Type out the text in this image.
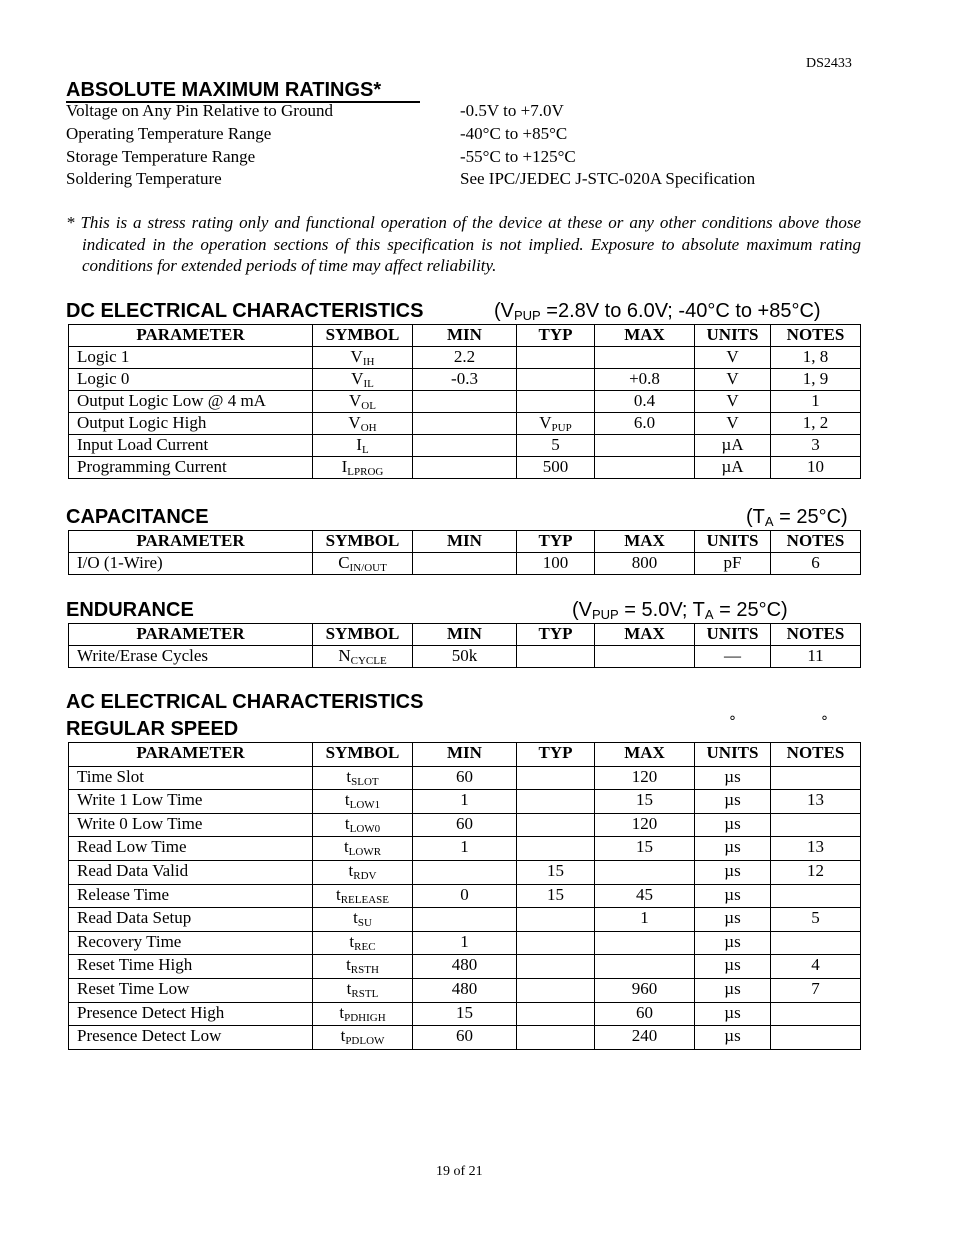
DS2433
ABSOLUTE MAXIMUM RATINGS*
Voltage on Any Pin Relative to Ground	-0.5V to +7.0V
Operating Temperature Range	-40°C to +85°C
Storage Temperature Range	-55°C to +125°C
Soldering Temperature	See IPC/JEDEC J-STC-020A Specification

* This is a stress rating only and functional operation of the device at these or any other conditions above those indicated in the operation sections of this specification is not implied. Exposure to absolute maximum rating conditions for extended periods of time may affect reliability.

DC ELECTRICAL CHARACTERISTICS	($V_{PUP} =2.8V$ to 6.0V; -40°C to +85°C)
PARAMETER	SYMBOL	MIN	TYP	MAX	UNITS	NOTES
Logic 1	$V_{IH}$	2.2			V	1, 8
Logic 0	$V_{IL}$	-0.3		+0.8	V	1, 9
Output Logic Low @ 4 mA	$V_{OL}$			0.4	V	1
Output Logic High	$V_{OH}$		$V_{PUP}$	6.0	V	1, 2
Input Load Current	$I_L$		5		µA	3
Programming Current	$I_{LPROG}$		500		µA	10
CAPACITANCE	$(T_A = 25^\circ C)$
PARAMETER	SYMBOL	MIN	TYP	MAX	UNITS	NOTES
I/O (1-Wire)	$C_{IN/OUT}$		100	800	pF	6
ENDURANCE	($V_{PUP} = 5.0V$; $T_A = 25^\circ C$)
PARAMETER	SYMBOL	MIN	TYP	MAX	UNITS	NOTES
Write/Erase Cycles	$N_{CYCLE}$	50k			—	11
AC ELECTRICAL CHARACTERISTICS
REGULAR SPEED	°	°
PARAMETER	SYMBOL	MIN	TYP	MAX	UNITS	NOTES
Time Slot	$t_{SLOT}$	60		120	µs	
Write 1 Low Time	$t_{LOW1}$	1		15	µs	13
Write 0 Low Time	$t_{LOW0}$	60		120	µs	
Read Low Time	$t_{LOWR}$	1		15	µs	13
Read Data Valid	$t_{RDV}$		15		µs	12
Release Time	$t_{RELEASE}$	0	15	45	µs	
Read Data Setup	$t_{SU}$			1	µs	5
Recovery Time	$t_{REC}$	1			µs	
Reset Time High	$t_{RSTH}$	480			µs	4
Reset Time Low	$t_{RSTL}$	480		960	µs	7
Presence Detect High	$t_{PDHIGH}$	15		60	µs	
Presence Detect Low	$t_{PDLOW}$	60		240	µs	
19 of 21
